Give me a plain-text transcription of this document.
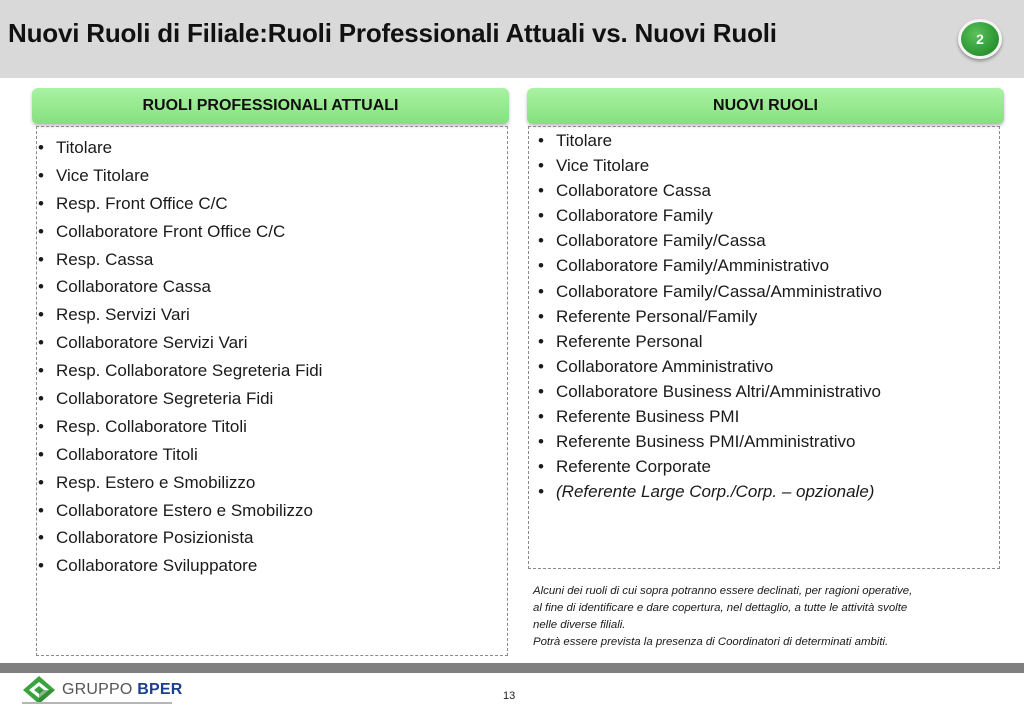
Nuovi Ruoli di Filiale:Ruoli Professionali Attuali vs. Nuovi Ruoli	2
RUOLI PROFESSIONALI ATTUALI	NUOVI RUOLI
• Titolare
• Vice Titolare
• Resp. Front Office C/C
• Collaboratore Front Office C/C
• Resp. Cassa
• Collaboratore Cassa
• Resp. Servizi Vari
• Collaboratore Servizi Vari
• Resp. Collaboratore Segreteria Fidi
• Collaboratore Segreteria Fidi
• Resp. Collaboratore Titoli
• Collaboratore Titoli
• Resp. Estero e Smobilizzo
• Collaboratore Estero e Smobilizzo
• Collaboratore Posizionista
• Collaboratore Sviluppatore
• Titolare
• Vice Titolare
• Collaboratore Cassa
• Collaboratore Family
• Collaboratore Family/Cassa
• Collaboratore Family/Amministrativo
• Collaboratore Family/Cassa/Amministrativo
• Referente Personal/Family
• Referente Personal
• Collaboratore Amministrativo
• Collaboratore Business Altri/Amministrativo
• Referente Business PMI
• Referente Business PMI/Amministrativo
• Referente Corporate
• (Referente Large Corp./Corp. – opzionale)
Alcuni dei ruoli di cui sopra potranno essere declinati, per ragioni operative,
al fine di identificare e dare copertura, nel dettaglio, a tutte le attività svolte
nelle diverse filiali.
Potrà essere prevista la presenza di Coordinatori di determinati ambiti.
GRUPPO BPER	13
